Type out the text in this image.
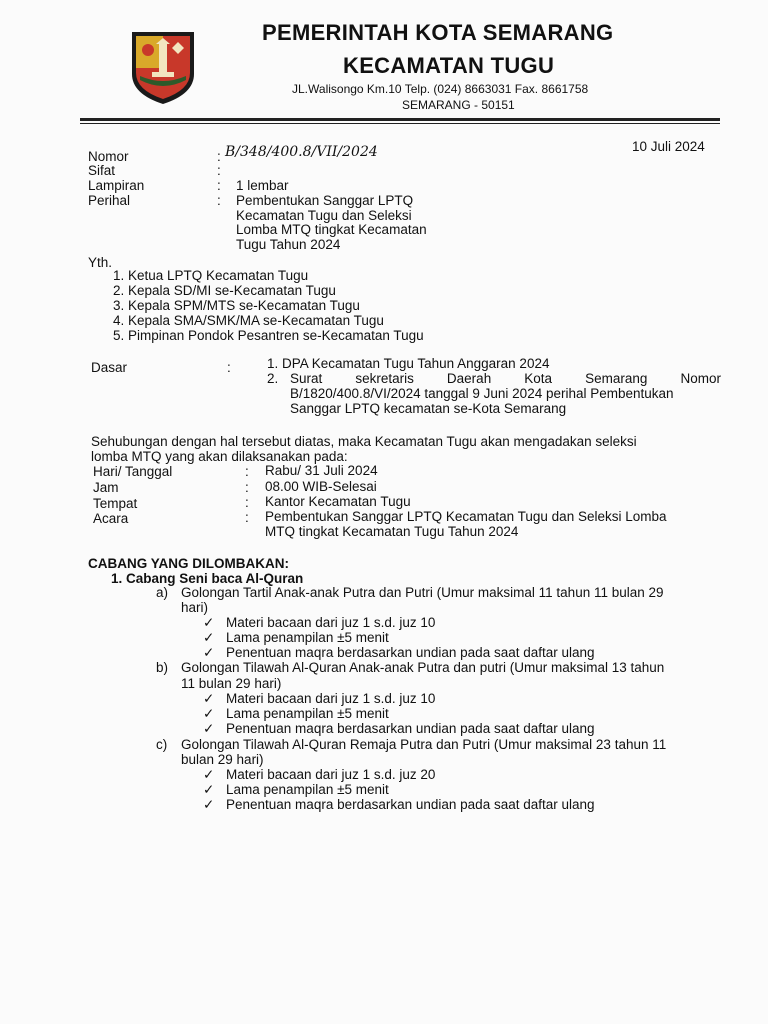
PEMERINTAH KOTA SEMARANG
KECAMATAN TUGU
JL.Walisongo Km.10 Telp. (024) 8663031 Fax. 8661758
SEMARANG - 50151
10 Juli 2024
Nomor	: B/348/400.8/VII/2024
Sifat	:
Lampiran	: 1 lembar
Perihal	: Pembentukan Sanggar LPTQ
Kecamatan Tugu dan Seleksi
Lomba MTQ tingkat Kecamatan
Tugu Tahun 2024
Yth.
1. Ketua LPTQ Kecamatan Tugu
2. Kepala SD/MI se-Kecamatan Tugu
3. Kepala SPM/MTS se-Kecamatan Tugu
4. Kepala SMA/SMK/MA se-Kecamatan Tugu
5. Pimpinan Pondok Pesantren se-Kecamatan Tugu
Dasar	:	1. DPA Kecamatan Tugu Tahun Anggaran 2024
2. Surat sekretaris Daerah Kota Semarang Nomor
B/1820/400.8/VI/2024 tanggal 9 Juni 2024 perihal Pembentukan
Sanggar LPTQ kecamatan se-Kota Semarang
Sehubungan dengan hal tersebut diatas, maka Kecamatan Tugu akan mengadakan seleksi
lomba MTQ yang akan dilaksanakan pada:
Hari/ Tanggal	: Rabu/ 31 Juli 2024
Jam	: 08.00 WIB-Selesai
Tempat	: Kantor Kecamatan Tugu
Acara	: Pembentukan Sanggar LPTQ Kecamatan Tugu dan Seleksi Lomba
MTQ tingkat Kecamatan Tugu Tahun 2024
CABANG YANG DILOMBAKAN:
1. Cabang Seni baca Al-Quran
a) Golongan Tartil Anak-anak Putra dan Putri (Umur maksimal 11 tahun 11 bulan 29
hari)
✓ Materi bacaan dari juz 1 s.d. juz 10
✓ Lama penampilan ±5 menit
✓ Penentuan maqra berdasarkan undian pada saat daftar ulang
b) Golongan Tilawah Al-Quran Anak-anak Putra dan putri (Umur maksimal 13 tahun
11 bulan 29 hari)
✓ Materi bacaan dari juz 1 s.d. juz 10
✓ Lama penampilan ±5 menit
✓ Penentuan maqra berdasarkan undian pada saat daftar ulang
c) Golongan Tilawah Al-Quran Remaja Putra dan Putri (Umur maksimal 23 tahun 11
bulan 29 hari)
✓ Materi bacaan dari juz 1 s.d. juz 20
✓ Lama penampilan ±5 menit
✓ Penentuan maqra berdasarkan undian pada saat daftar ulang
